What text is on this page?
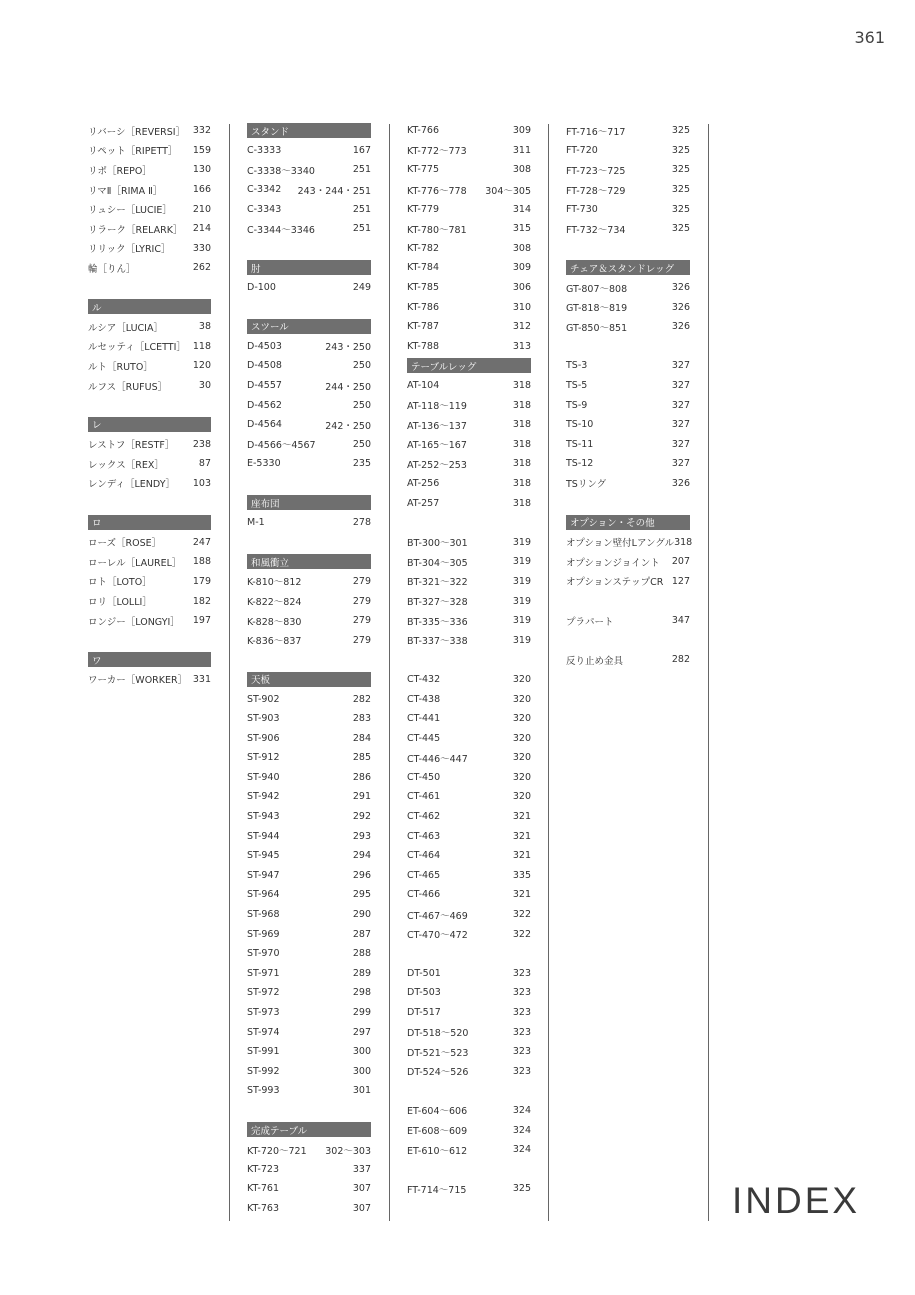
361
リバーシ［REVERSI］ 332
リペット［RIPETT］ 159
リポ［REPO］	130
リマⅡ［RIMA Ⅱ］	166
リュシー［LUCIE］ 210
リラーク［RELARK］ 214
リリック［LYRIC］ 330
輪［りん］	262
ル
ルシア［LUCIA］	38
ルセッティ［LCETTI］ 118
ルト［RUTO］	120
ルフス［RUFUS］	30
レ
レストフ［RESTF］ 238
レックス［REX］	87
レンディ［LENDY］ 103
ロ
ローズ［ROSE］	247
ローレル［LAUREL］ 188
ロト［LOTO］	179
ロリ［LOLLI］	182
ロンジー［LONGYI］ 197
ワ
ワーカー［WORKER］ 331
スタンド
C-3333	167
C-3338～3340	251
C-3342 243・244・251
C-3343	251
C-3344～3346	251
肘
D-100	249
スツール
D-4503	243・250
D-4508	250
D-4557	244・250
D-4562	250
D-4564	242・250
D-4566～4567	250
E-5330	235
座布団
M-1	278
和風衝立
K-810～812	279
K-822～824	279
K-828～830	279
K-836～837	279
天板
ST-902	282
ST-903	283
ST-906	284
ST-912	285
ST-940	286
ST-942	291
ST-943	292
ST-944	293
ST-945	294
ST-947	296
ST-964	295
ST-968	290
ST-969	287
ST-970	288
ST-971	289
ST-972	298
ST-973	299
ST-974	297
ST-991	300
ST-992	300
ST-993	301
完成テーブル
KT-720～721 302～303
KT-723	337
KT-761	307
KT-763	307
KT-766	309
KT-772～773	311
KT-775	308
KT-776～778 304～305
KT-779	314
KT-780～781	315
KT-782	308
KT-784	309
KT-785	306
KT-786	310
KT-787	312
KT-788	313
テーブルレッグ
AT-104	318
AT-118～119	318
AT-136～137	318
AT-165～167	318
AT-252～253	318
AT-256	318
AT-257	318
BT-300～301	319
BT-304～305	319
BT-321～322	319
BT-327～328	319
BT-335～336	319
BT-337～338	319
CT-432	320
CT-438	320
CT-441	320
CT-445	320
CT-446～447	320
CT-450	320
CT-461	320
CT-462	321
CT-463	321
CT-464	321
CT-465	335
CT-466	321
CT-467～469	322
CT-470～472	322
DT-501	323
DT-503	323
DT-517	323
DT-518～520	323
DT-521～523	323
DT-524～526	323
ET-604～606	324
ET-608～609	324
ET-610～612	324
FT-714～715	325
FT-716～717	325
FT-720	325
FT-723～725	325
FT-728～729	325
FT-730	325
FT-732～734	325
チェア＆スタンドレッグ
GT-807～808	326
GT-818～819	326
GT-850～851	326
TS-3	327
TS-5	327
TS-9	327
TS-10	327
TS-11	327
TS-12	327
TSリング	326
オプション・その他
オプション壁付Lアングル 318
オプションジョイント 207
オプションステップCR 127
プラパート	347
反り止め金具	282
INDEX
